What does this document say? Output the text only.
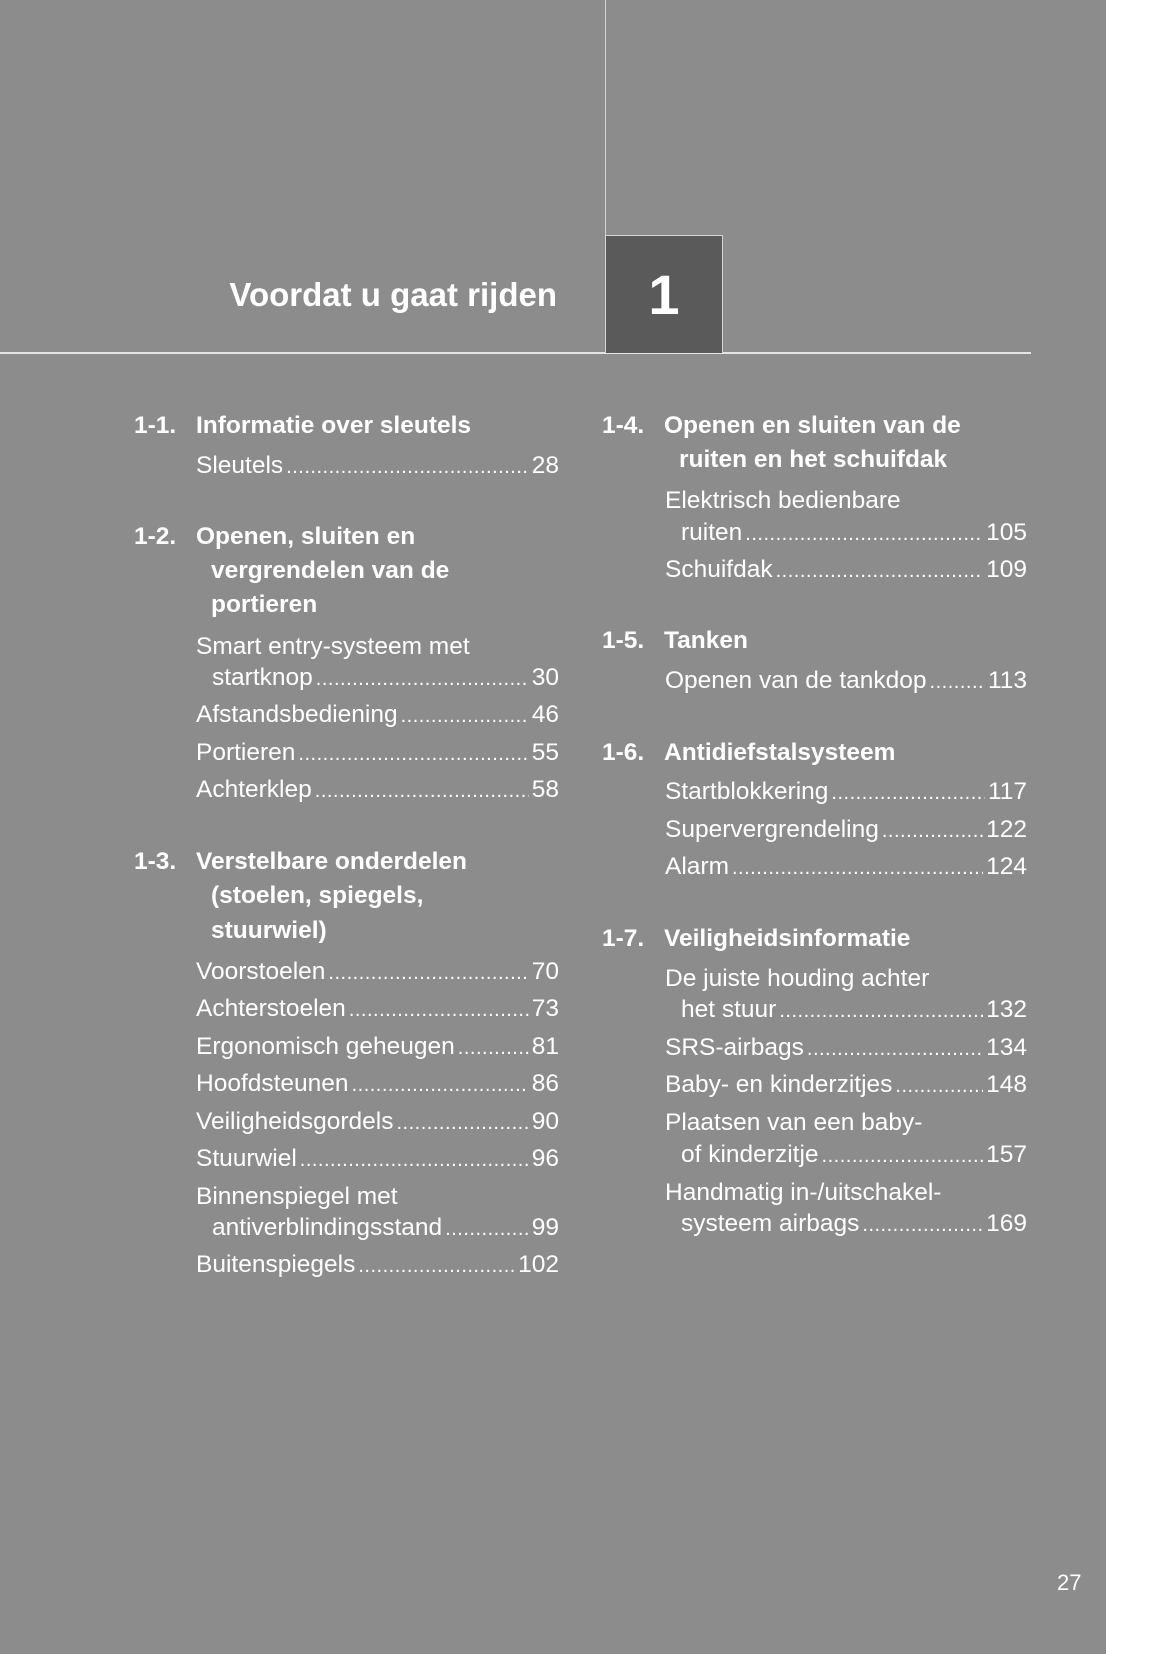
Voordat u gaat rijden 1
1-1. Informatie over sleutels
Sleutels .....	28
1-2. Openen, sluiten en
vergrendelen van de
portieren
Smart entry-systeem met
startknop .....	30
Afstandsbediening .....	46
Portieren .....	55
Achterklep .....	58
1-3. Verstelbare onderdelen
(stoelen, spiegels,
stuurwiel)
Voorstoelen .....	70
Achterstoelen .....	73
Ergonomisch geheugen .....	81
Hoofdsteunen .....	86
Veiligheidsgordels .....	90
Stuurwiel .....	96
Binnenspiegel met
antiverblindingsstand .....	99
Buitenspiegels .....	102
1-4. Openen en sluiten van de
ruiten en het schuifdak
Elektrisch bedienbare
ruiten .....	105
Schuifdak .....	109
1-5. Tanken
Openen van de tankdop .....	113
1-6. Antidiefstalsysteem
Startblokkering .....	117
Supervergrendeling .....	122
Alarm .....	124
1-7. Veiligheidsinformatie
De juiste houding achter
het stuur .....	132
SRS-airbags .....	134
Baby- en kinderzitjes .....	148
Plaatsen van een baby-
of kinderzitje .....	157
Handmatig in-/uitschakel-
systeem airbags .....	169
27
